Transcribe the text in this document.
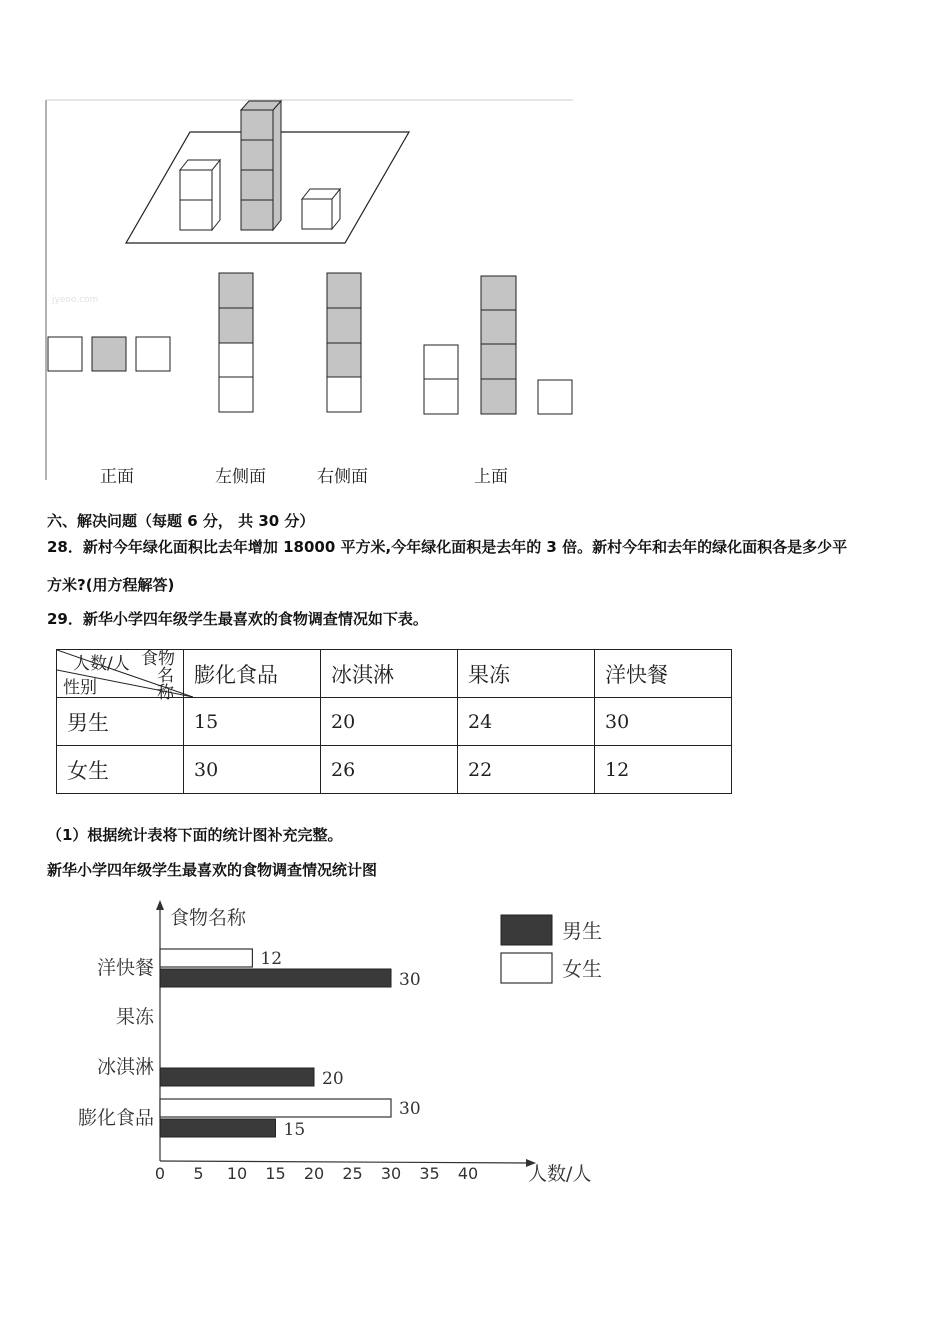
jyeoo.com
正面	左侧面	右侧面	上面
六、解决问题（每题 6 分， 共 30 分）
28．新村今年绿化面积比去年增加 18000 平方米,今年绿化面积是去年的 3 倍。新村今年和去年的绿化面积各是多少平
方米?(用方程解答)
29．新华小学四年级学生最喜欢的食物调查情况如下表。
食物
名称
人数/人
性别	膨化食品	冰淇淋	果冻	洋快餐
男生	15	20	24	30
女生	30	26	22	12
（1）根据统计表将下面的统计图补充完整。
新华小学四年级学生最喜欢的食物调查情况统计图
食物名称
人数/人
0 5 10 15 20 25 30 35 40
膨化食品
冰淇淋
果冻
洋快餐
30
15
20
12
30
男生
女生
